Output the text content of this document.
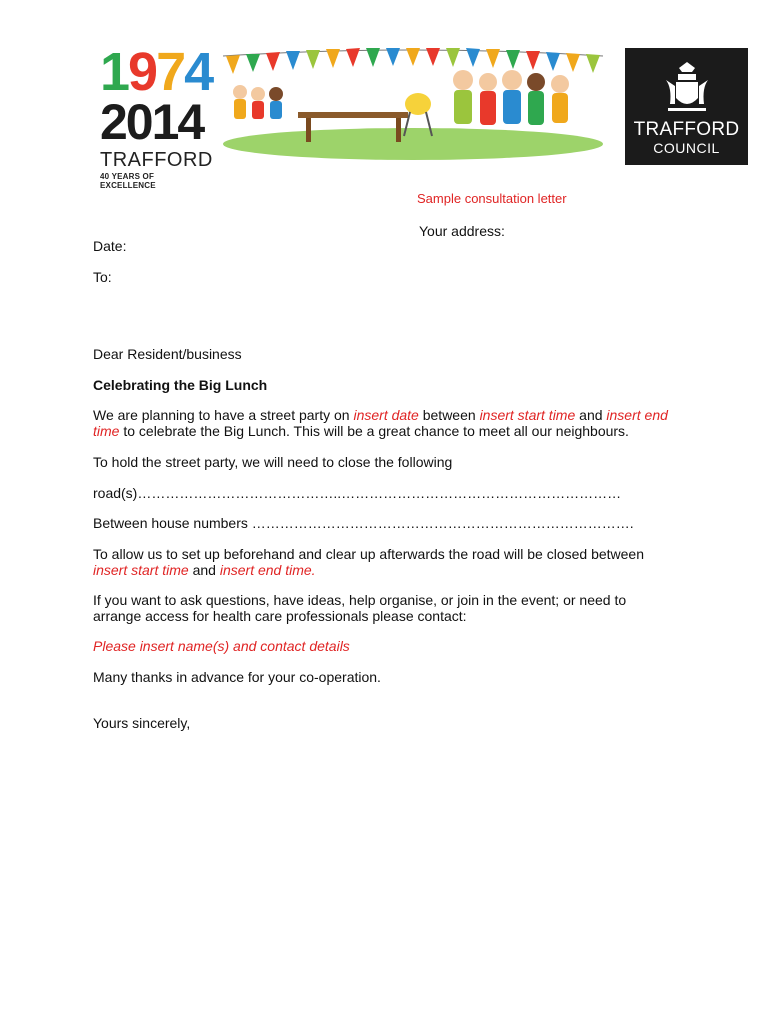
1974
2014
TRAFFORD
40 YEARS OF EXCELLENCE
TRAFFORD
COUNCIL
Sample consultation letter
Your address:
Date:
To:
Dear Resident/business
Celebrating the Big Lunch
We are planning to have a street party on insert date between insert start time and insert end
time to celebrate the Big Lunch. This will be a great chance to meet all our neighbours.
To hold the street party, we will need to close the following
road(s)……………………………………..……………………………………………………
Between house numbers ……………………………………………………………………….
To allow us to set up beforehand and clear up afterwards the road will be closed between
insert start time and insert end time.
If you want to ask questions, have ideas, help organise, or join in the event; or need to
arrange access for health care professionals please contact:
Please insert name(s) and contact details
Many thanks in advance for your co-operation.
Yours sincerely,
